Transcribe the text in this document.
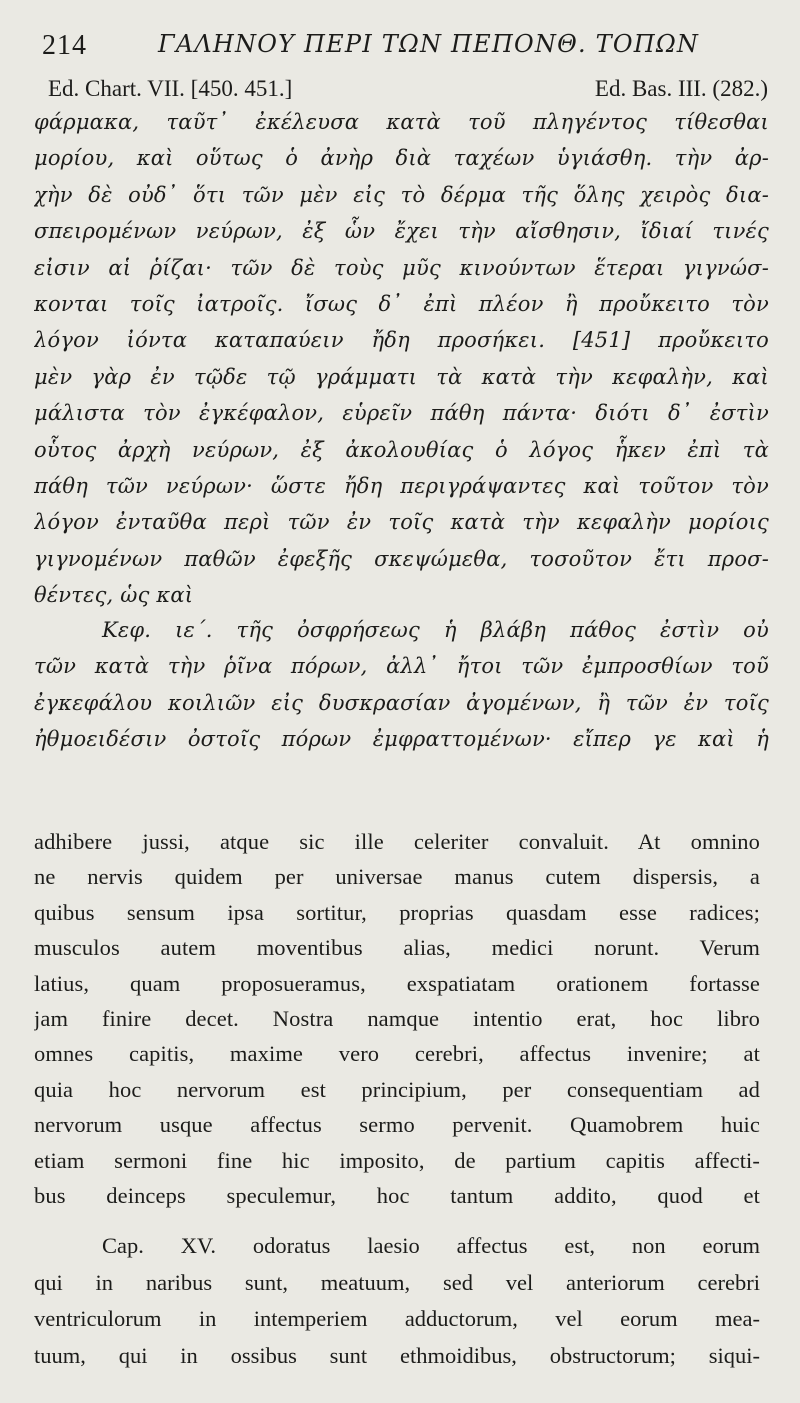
214	ΓΑΛΗΝΟΥ ΠΕΡΙ ΤΩΝ ΠΕΠΟΝΘ. ΤΟΠΩΝ
Ed. Chart. VII. [450. 451.]	Ed. Bas. III. (282.)
φάρμακα, ταῦτ᾽ ἐκέλευσα κατὰ τοῦ πληγέντος τίθεσθαι
μορίου, καὶ οὕτως ὁ ἀνὴρ διὰ ταχέων ὑγιάσθη. τὴν ἀρ-
χὴν δὲ οὐδ᾽ ὅτι τῶν μὲν εἰς τὸ δέρμα τῆς ὅλης χειρὸς δια-
σπειρομένων νεύρων, ἐξ ὧν ἔχει τὴν αἴσθησιν, ἴδιαί τινές
εἰσιν αἱ ῥίζαι· τῶν δὲ τοὺς μῦς κινούντων ἕτεραι γιγνώσ-
κονται τοῖς ἰατροῖς. ἴσως δ᾽ ἐπὶ πλέον ἢ προὔκειτο τὸν
λόγον ἰόντα καταπαύειν ἤδη προσήκει. [451] προὔκειτο
μὲν γὰρ ἐν τῷδε τῷ γράμματι τὰ κατὰ τὴν κεφαλὴν, καὶ
μάλιστα τὸν ἐγκέφαλον, εὑρεῖν πάθη πάντα· διότι δ᾽ ἐστὶν
οὗτος ἀρχὴ νεύρων, ἐξ ἀκολουθίας ὁ λόγος ἧκεν ἐπὶ τὰ
πάθη τῶν νεύρων· ὥστε ἤδη περιγράψαντες καὶ τοῦτον τὸν
λόγον ἐνταῦθα περὶ τῶν ἐν τοῖς κατὰ τὴν κεφαλὴν μορίοις
γιγνομένων παθῶν ἐφεξῆς σκεψώμεθα, τοσοῦτον ἔτι προσ-
θέντες, ὡς καὶ
Κεφ. ιε΄. τῆς ὀσφρήσεως ἡ βλάβη πάθος ἐστὶν οὐ
τῶν κατὰ τὴν ῥῖνα πόρων, ἀλλ᾽ ἤτοι τῶν ἐμπροσθίων τοῦ
ἐγκεφάλου κοιλιῶν εἰς δυσκρασίαν ἀγομένων, ἢ τῶν ἐν τοῖς
ἠθμοειδέσιν ὀστοῖς πόρων ἐμφραττομένων· εἴπερ γε καὶ ἡ
adhibere jussi, atque sic ille celeriter convaluit. At omnino
ne nervis quidem per universae manus cutem dispersis, a
quibus sensum ipsa sortitur, proprias quasdam esse radices;
musculos autem moventibus alias, medici norunt. Verum
latius, quam proposueramus, exspatiatam orationem fortasse
jam finire decet. Nostra namque intentio erat, hoc libro
omnes capitis, maxime vero cerebri, affectus invenire; at
quia hoc nervorum est principium, per consequentiam ad
nervorum usque affectus sermo pervenit. Quamobrem huic
etiam sermoni fine hic imposito, de partium capitis affecti-
bus deinceps speculemur, hoc tantum addito, quod et
Cap. XV. odoratus laesio affectus est, non eorum
qui in naribus sunt, meatuum, sed vel anteriorum cerebri
ventriculorum in intemperiem adductorum, vel eorum mea-
tuum, qui in ossibus sunt ethmoidibus, obstructorum; siqui-
